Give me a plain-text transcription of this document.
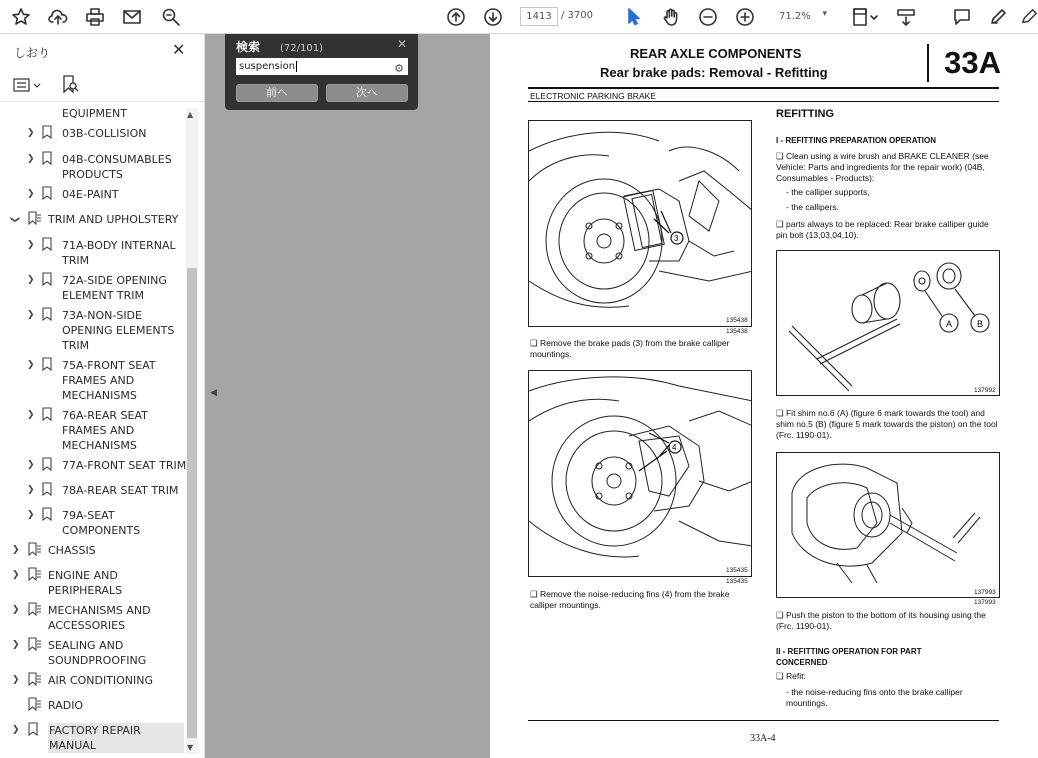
1413 / 3700	71.2% ▾
しおり	✕
EQUIPMENT
❯ 03B-COLLISION
❯ 04B-CONSUMABLES PRODUCTS
❯ 04E-PAINT
❯	TRIM AND UPHOLSTERY
❯ 71A-BODY INTERNAL TRIM
❯ 72A-SIDE OPENING ELEMENT TRIM
❯ 73A-NON-SIDE OPENING ELEMENTS TRIM
❯ 75A-FRONT SEAT FRAMES AND MECHANISMS
❯ 76A-REAR SEAT FRAMES AND MECHANISMS
❯ 77A-FRONT SEAT TRIM
❯ 78A-REAR SEAT TRIM
❯ 79A-SEAT COMPONENTS
❯	CHASSIS
❯	ENGINE AND PERIPHERALS
❯	MECHANISMS AND ACCESSORIES
❯	SEALING AND SOUNDPROOFING
❯	AIR CONDITIONING
RADIO
❯	FACTORY REPAIR MANUAL
▲
▼
◀
REAR AXLE COMPONENTS
Rear brake pads: Removal - Refitting	33A
ELECTRONIC PARKING BRAKE
3
135438
135438
❑ Remove the brake pads (3) from the brake calliper mountings.
4
135435
135435
❑ Remove the noise-reducing fins (4) from the brake calliper mountings.
REFITTING
I - REFITTING PREPARATION OPERATION
❑ Clean using a wire brush and BRAKE CLEANER (see Vehicle: Parts and ingredients for the repair work) (04B, Consumables - Products):
- the calliper supports,
- the callipers.
❑ parts always to be replaced: Rear brake calliper guide pin bolt (13,03,04,10).
A	B
137992
❑ Fit shim no.6 (A) (figure 6 mark towards the tool) and shim no.5 (B) (figure 5 mark towards the piston) on the tool (Frc. 1190-01).
137993
137993
❑ Push the piston to the bottom of its housing using the (Frc. 1190-01).
II - REFITTING OPERATION FOR PART CONCERNED
❑ Refit:
- the noise-reducing fins onto the brake calliper mountings.
33A-4
検索 (72/101)	✕
suspension	⚙
前へ	次へ
